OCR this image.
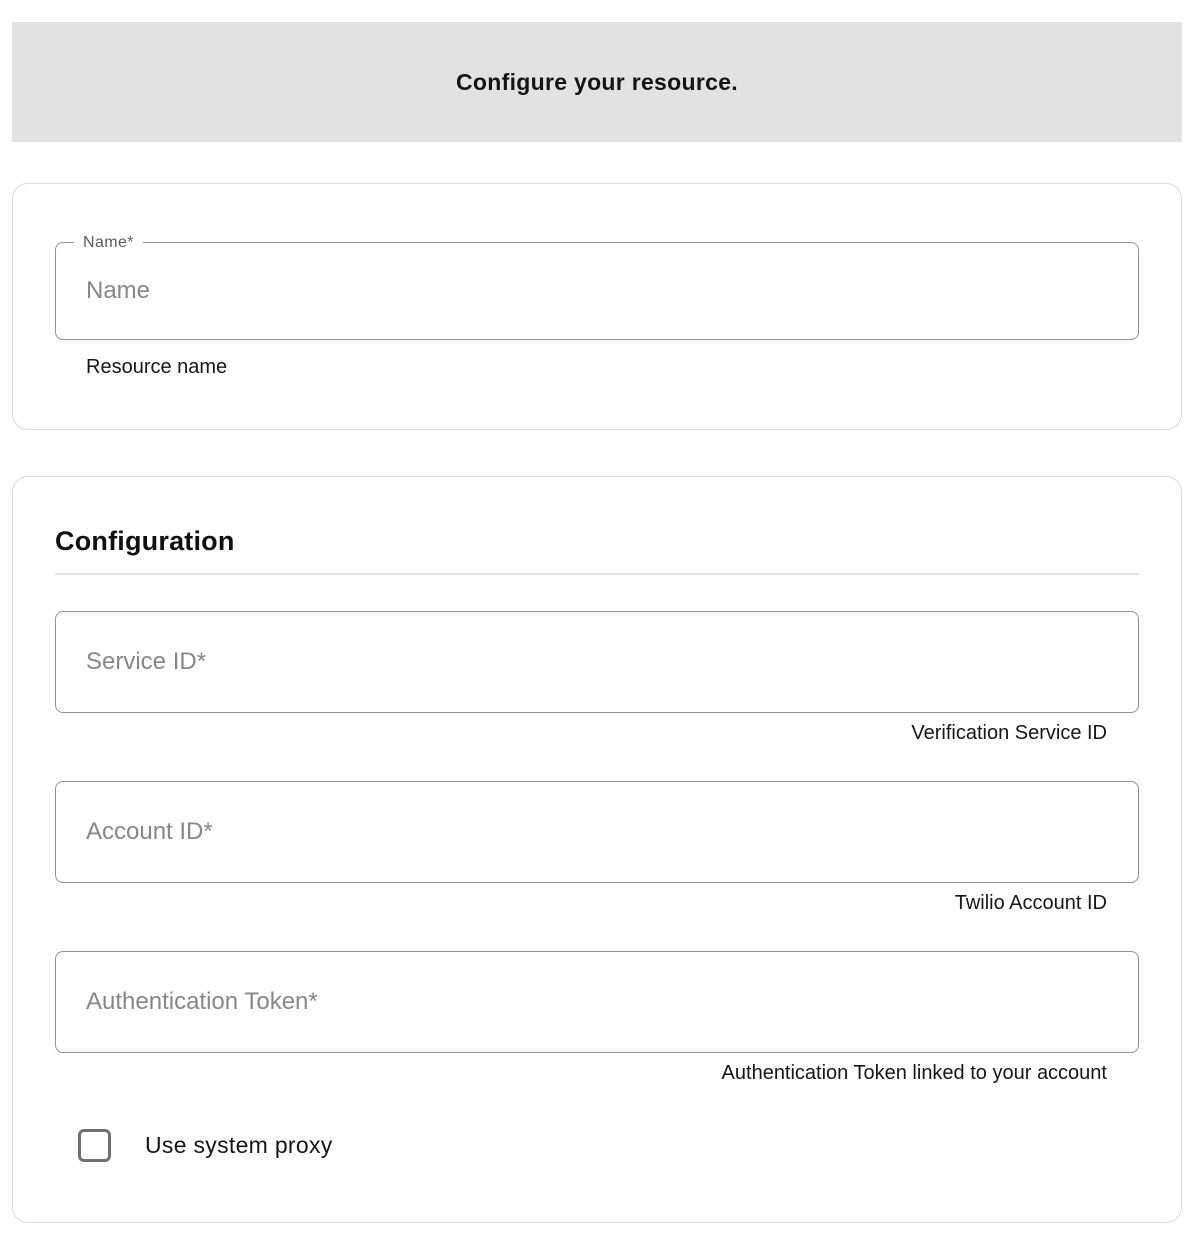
Configure your resource.
Name*
Name
Resource name
Configuration
Service ID*
Verification Service ID
Account ID*
Twilio Account ID
Authentication Token*
Authentication Token linked to your account
Use system proxy
